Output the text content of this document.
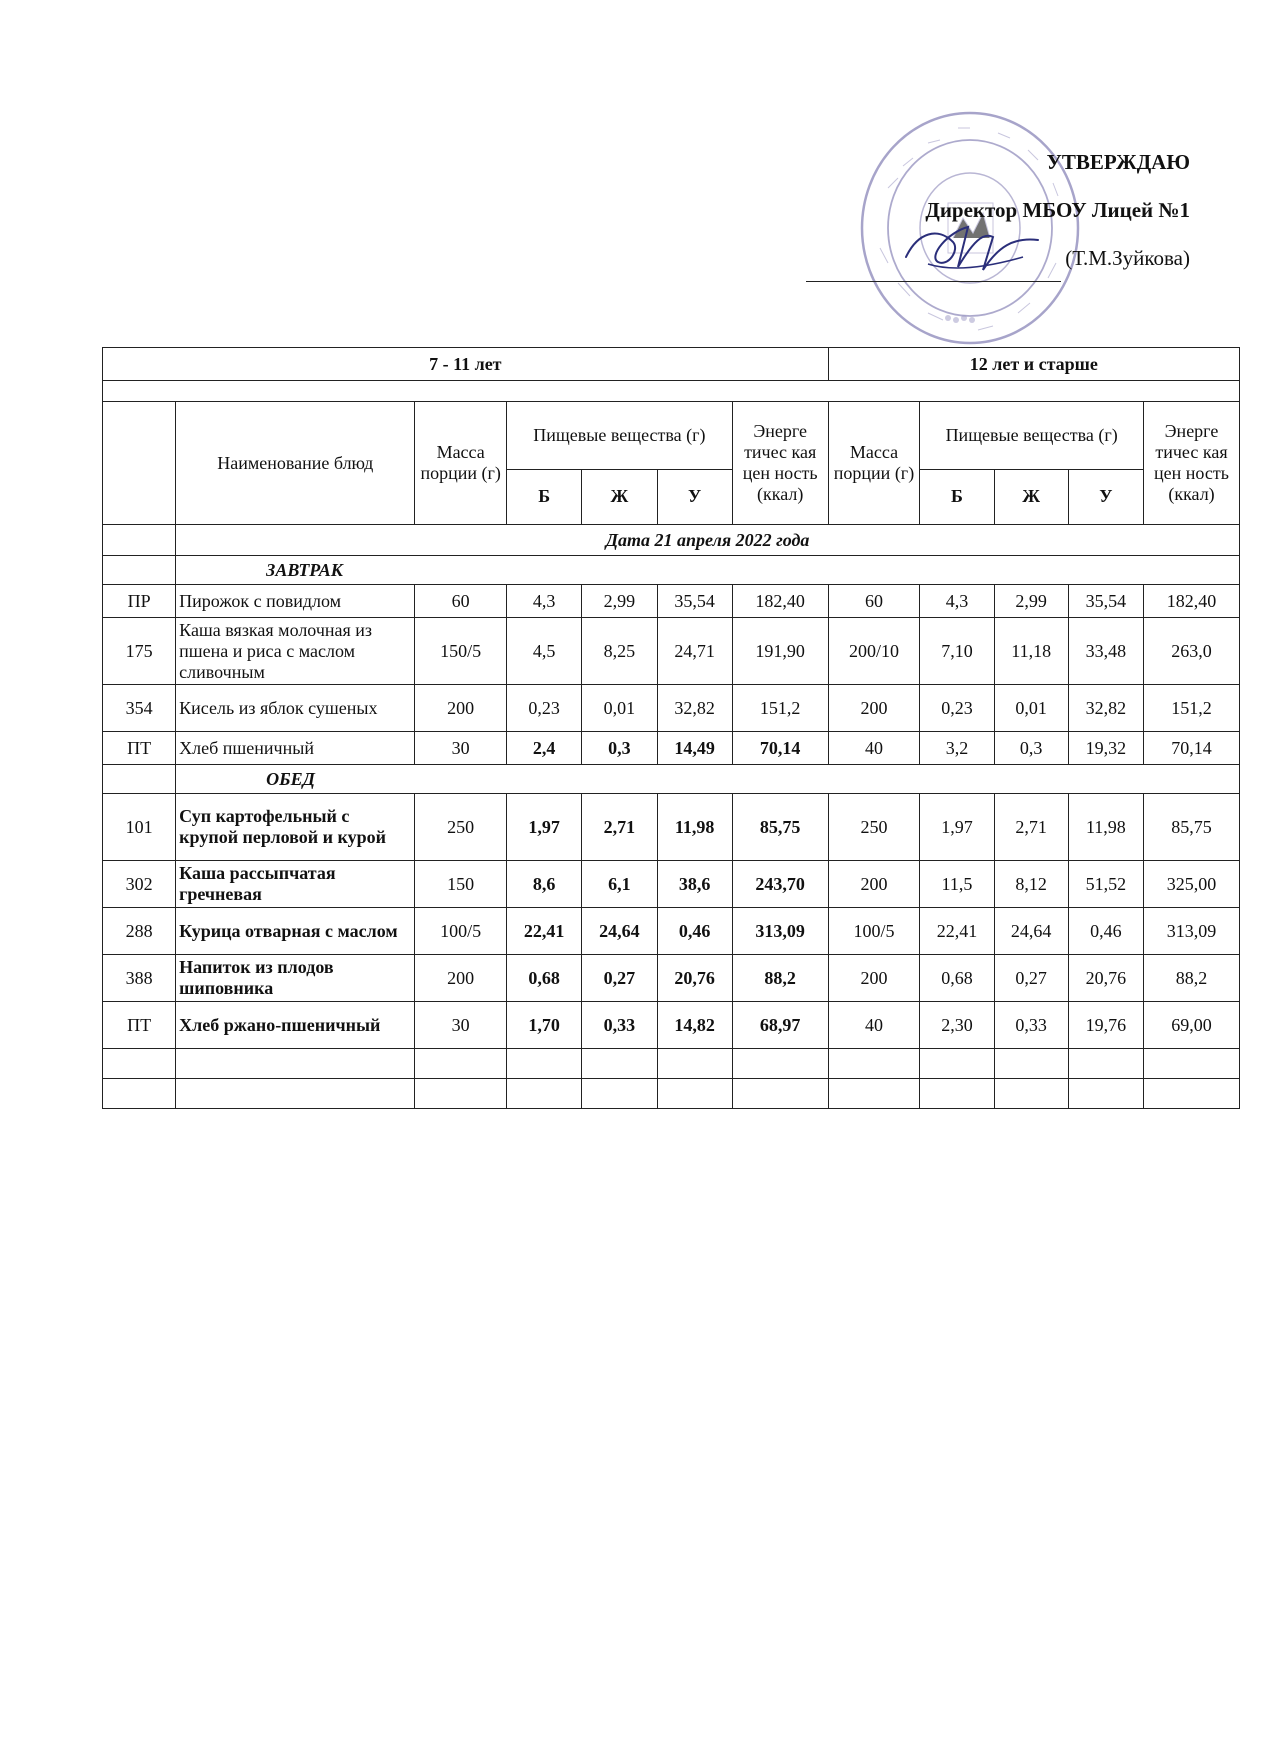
УТВЕРЖДАЮ
Директор МБОУ Лицей №1
(Т.М.Зуйкова)
7 - 11 лет							12 лет и старше				

	Наименование блюд	Масса порции (г)	Пищевые вещества (г)			Энерге тичес кая цен ность (ккал)	Масса порции (г)	Пищевые вещества (г)			Энерге тичес кая цен ность (ккал)
			Б	Ж	У			Б	Ж	У	
	Дата 21 апреля 2022 года										
	ЗАВТРАК										
ПР	Пирожок с повидлом	60	4,3	2,99	35,54	182,40	60	4,3	2,99	35,54	182,40
175	Каша вязкая молочная из пшена и риса с маслом сливочным	150/5	4,5	8,25	24,71	191,90	200/10	7,10	11,18	33,48	263,0
354	Кисель из яблок сушеных	200	0,23	0,01	32,82	151,2	200	0,23	0,01	32,82	151,2
ПТ	Хлеб пшеничный	30	2,4	0,3	14,49	70,14	40	3,2	0,3	19,32	70,14
	ОБЕД										
101	Суп картофельный с крупой перловой и курой	250	1,97	2,71	11,98	85,75	250	1,97	2,71	11,98	85,75
302	Каша рассыпчатая гречневая	150	8,6	6,1	38,6	243,70	200	11,5	8,12	51,52	325,00
288	Курица отварная с маслом	100/5	22,41	24,64	0,46	313,09	100/5	22,41	24,64	0,46	313,09
388	Напиток из плодов шиповника	200	0,68	0,27	20,76	88,2	200	0,68	0,27	20,76	88,2
ПТ	Хлеб ржано-пшеничный	30	1,70	0,33	14,82	68,97	40	2,30	0,33	19,76	69,00
